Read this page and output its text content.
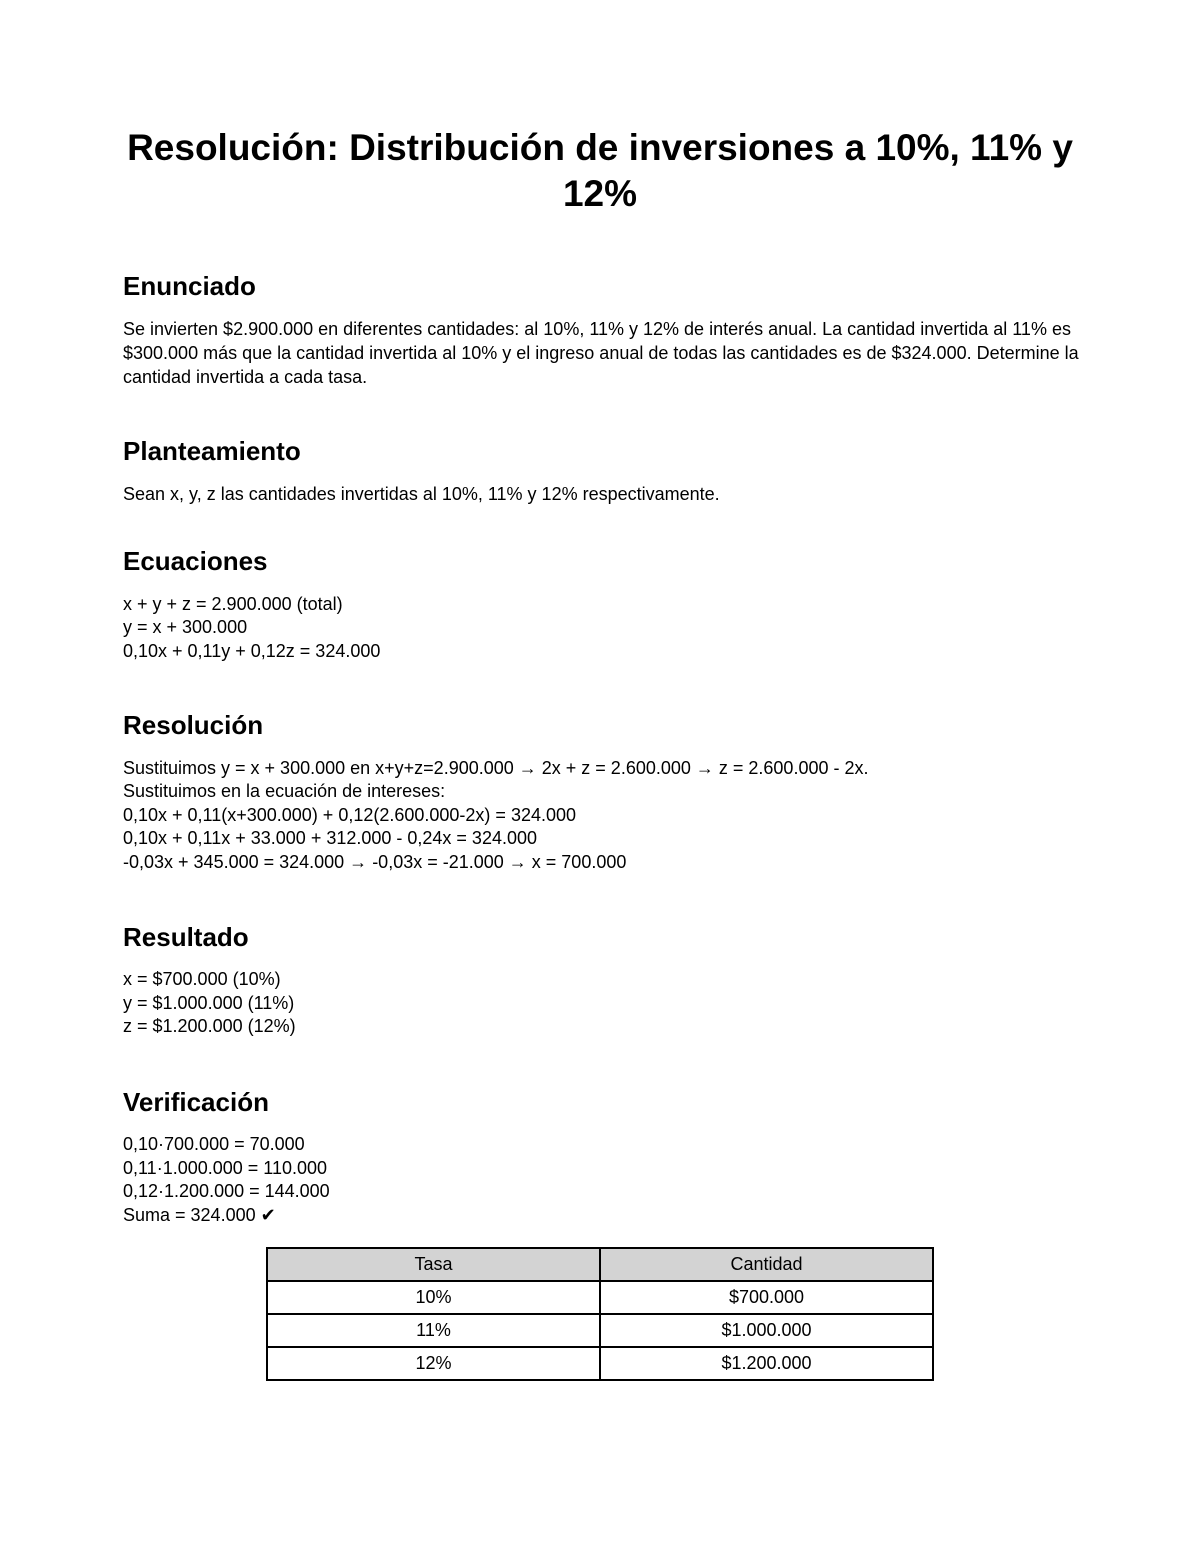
Resolución: Distribución de inversiones a 10%, 11% y 12%
Enunciado

Se invierten $2.900.000 en diferentes cantidades: al 10%, 11% y 12% de interés anual. La cantidad invertida al 11% es $300.000 más que la cantidad invertida al 10% y el ingreso anual de todas las cantidades es de $324.000. Determine la cantidad invertida a cada tasa.

Planteamiento

Sean x, y, z las cantidades invertidas al 10%, 11% y 12% respectivamente.

Ecuaciones

x + y + z = 2.900.000 (total)

y = x + 300.000

0,10x + 0,11y + 0,12z = 324.000

Resolución

Sustituimos y = x + 300.000 en x+y+z=2.900.000 → 2x + z = 2.600.000 → z = 2.600.000 - 2x.

Sustituimos en la ecuación de intereses:

0,10x + 0,11(x+300.000) + 0,12(2.600.000-2x) = 324.000

0,10x + 0,11x + 33.000 + 312.000 - 0,24x = 324.000

-0,03x + 345.000 = 324.000 → -0,03x = -21.000 → x = 700.000

Resultado

x = $700.000 (10%)

y = $1.000.000 (11%)

z = $1.200.000 (12%)

Verificación

0,10·700.000 = 70.000

0,11·1.000.000 = 110.000

0,12·1.200.000 = 144.000

Suma = 324.000 ✔

Tasa	Cantidad
10%	$700.000
11%	$1.000.000
12%	$1.200.000
